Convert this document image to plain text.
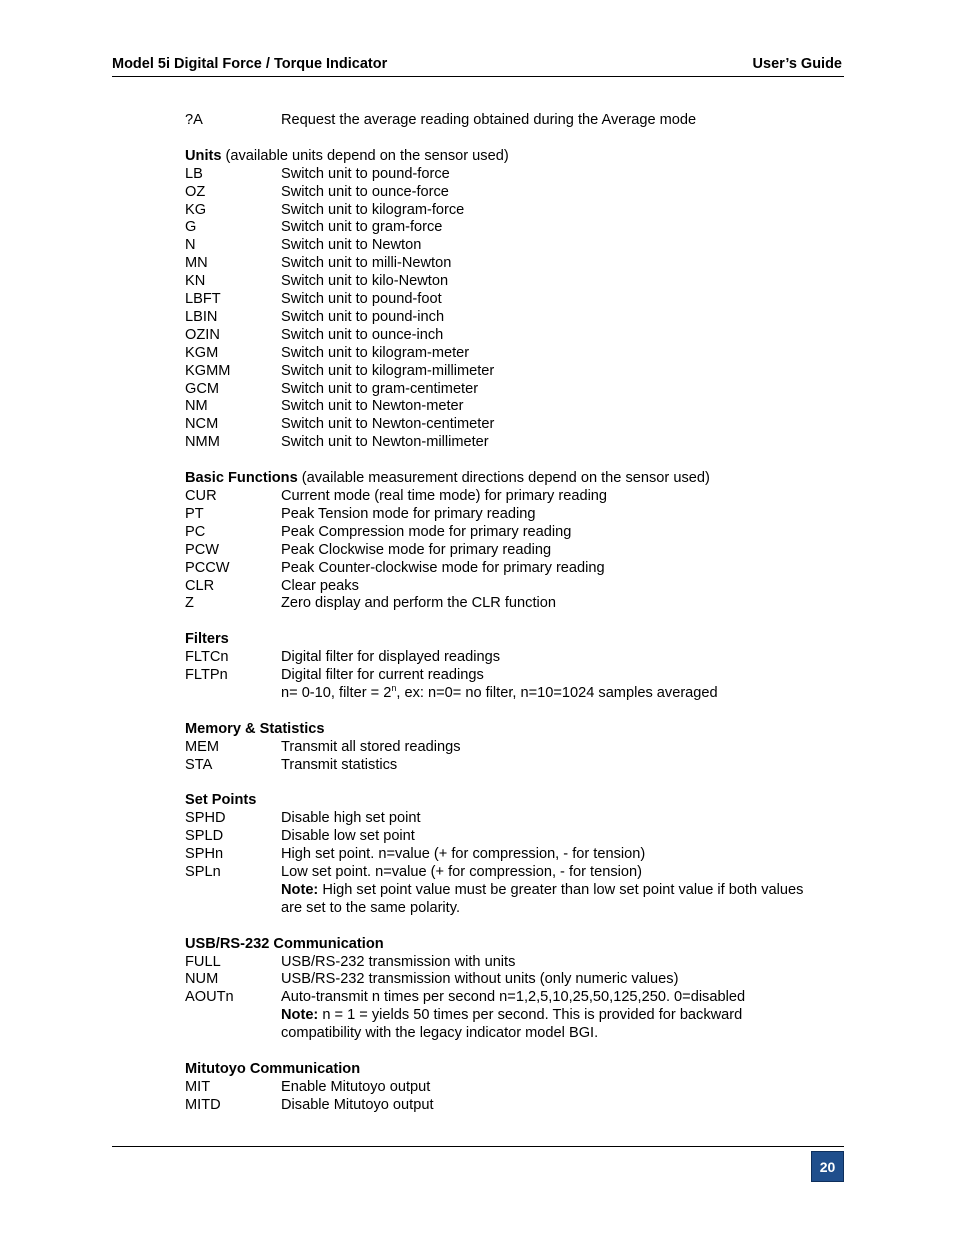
Model 5i Digital Force / Torque Indicator	User’s Guide
?A	Request the average reading obtained during the Average mode
Units (available units depend on the sensor used)
LB	Switch unit to pound-force
OZ	Switch unit to ounce-force
KG	Switch unit to kilogram-force
G	Switch unit to gram-force
N	Switch unit to Newton
MN	Switch unit to milli-Newton
KN	Switch unit to kilo-Newton
LBFT	Switch unit to pound-foot
LBIN	Switch unit to pound-inch
OZIN	Switch unit to ounce-inch
KGM	Switch unit to kilogram-meter
KGMM	Switch unit to kilogram-millimeter
GCM	Switch unit to gram-centimeter
NM	Switch unit to Newton-meter
NCM	Switch unit to Newton-centimeter
NMM	Switch unit to Newton-millimeter
Basic Functions (available measurement directions depend on the sensor used)
CUR	Current mode (real time mode) for primary reading
PT	Peak Tension mode for primary reading
PC	Peak Compression mode for primary reading
PCW	Peak Clockwise mode for primary reading
PCCW	Peak Counter-clockwise mode for primary reading
CLR	Clear peaks
Z	Zero display and perform the CLR function
Filters
FLTCn	Digital filter for displayed readings
FLTPn	Digital filter for current readings
n= 0-10, filter = $2^n$, ex: n=0= no filter, n=10=1024 samples averaged
Memory & Statistics
MEM	Transmit all stored readings
STA	Transmit statistics
Set Points
SPHD	Disable high set point
SPLD	Disable low set point
SPHn	High set point. n=value (+ for compression, - for tension)
SPLn	Low set point. n=value (+ for compression, - for tension)
Note: High set point value must be greater than low set point value if both values
are set to the same polarity.
USB/RS-232 Communication
FULL	USB/RS-232 transmission with units
NUM	USB/RS-232 transmission without units (only numeric values)
AOUTn	Auto-transmit n times per second n=1,2,5,10,25,50,125,250. 0=disabled
Note: n = 1 = yields 50 times per second. This is provided for backward
compatibility with the legacy indicator model BGI.
Mitutoyo Communication
MIT	Enable Mitutoyo output
MITD	Disable Mitutoyo output
20
